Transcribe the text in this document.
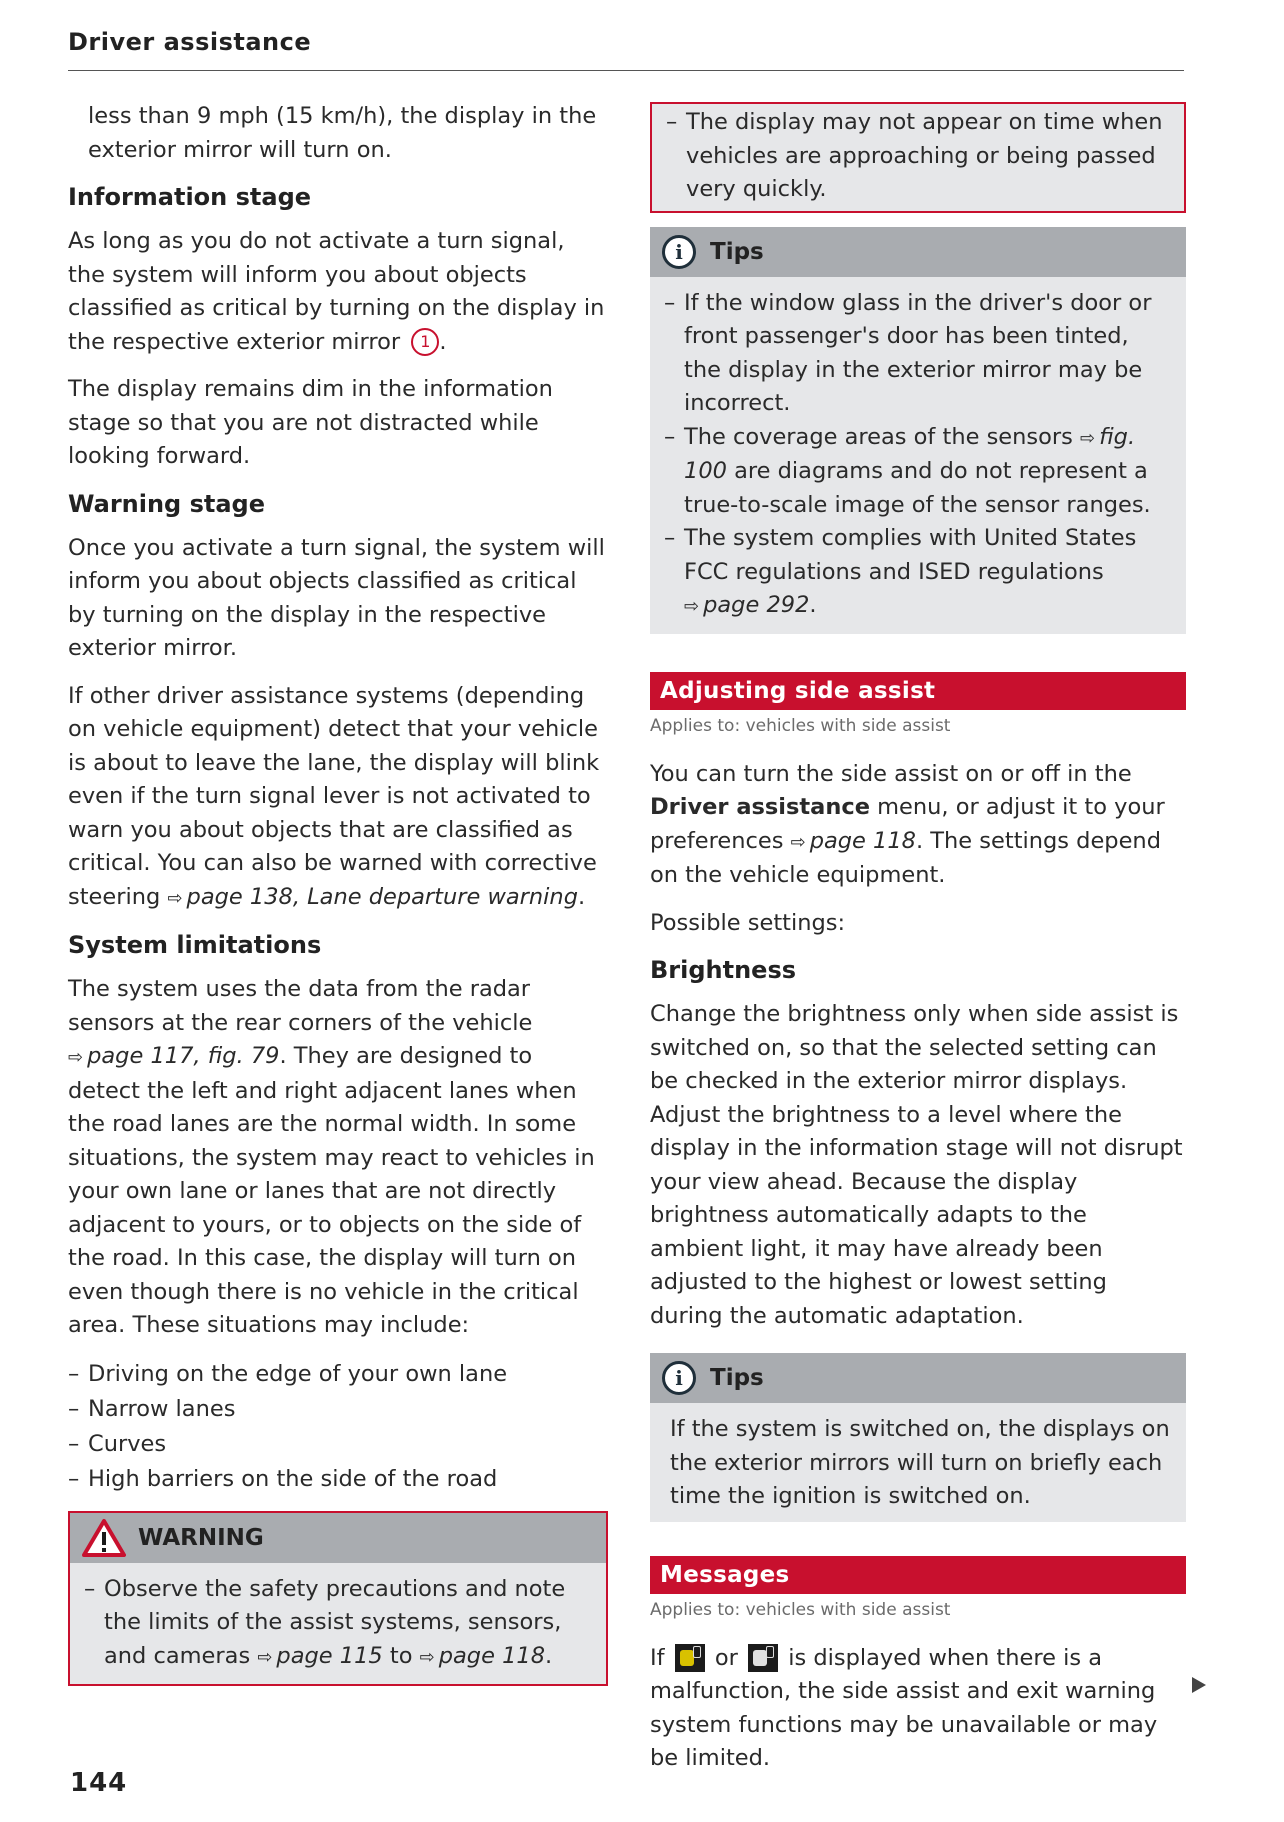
Driver assistance

less than 9 mph (15 km/h), the display in the exterior mirror will turn on.

Information stage

As long as you do not activate a turn signal, the system will inform you about objects classified as critical by turning on the display in the respective exterior mirror 1 .

The display remains dim in the information stage so that you are not distracted while looking forward.

Warning stage

Once you activate a turn signal, the system will inform you about objects classified as critical by turning on the display in the respective exterior mirror.

If other driver assistance systems (depending on vehicle equipment) detect that your vehicle is about to leave the lane, the display will blink even if the turn signal lever is not activated to warn you about objects that are classified as critical. You can also be warned with corrective steering ⇨ page 138, Lane departure warning.

System limitations

The system uses the data from the radar sensors at the rear corners of the vehicle ⇨ page 117, fig. 79. They are designed to detect the left and right adjacent lanes when the road lanes are the normal width. In some situations, the system may react to vehicles in your own lane or lanes that are not directly adjacent to yours, or to objects on the side of the road. In this case, the display will turn on even though there is no vehicle in the critical area. These situations may include:

– Driving on the edge of your own lane
– Narrow lanes
– Curves
– High barriers on the side of the road
WARNING
– Observe the safety precautions and note the limits of the assist systems, sensors, and cameras ⇨ page 115 to ⇨ page 118.
– The display may not appear on time when vehicles are approaching or being passed very quickly.
i	Tips
– If the window glass in the driver's door or front passenger's door has been tinted, the display in the exterior mirror may be incorrect.
– The coverage areas of the sensors ⇨ fig. 100 are diagrams and do not represent a true-to-scale image of the sensor ranges.
– The system complies with United States FCC regulations and ISED regulations ⇨ page 292.
Adjusting side assist
Applies to: vehicles with side assist

You can turn the side assist on or off in the Driver assistance menu, or adjust it to your preferences ⇨ page 118. The settings depend on the vehicle equipment.

Possible settings:

Brightness

Change the brightness only when side assist is switched on, so that the selected setting can be checked in the exterior mirror displays. Adjust the brightness to a level where the display in the information stage will not disrupt your view ahead. Because the display brightness automatically adapts to the ambient light, it may have already been adjusted to the highest or lowest setting during the automatic adaptation.

i	Tips

If the system is switched on, the displays on the exterior mirrors will turn on briefly each time the ignition is switched on.

Messages
Applies to: vehicles with side assist

If or is displayed when there is a malfunction, the side assist and exit warning system functions may be unavailable or may be limited.

144
